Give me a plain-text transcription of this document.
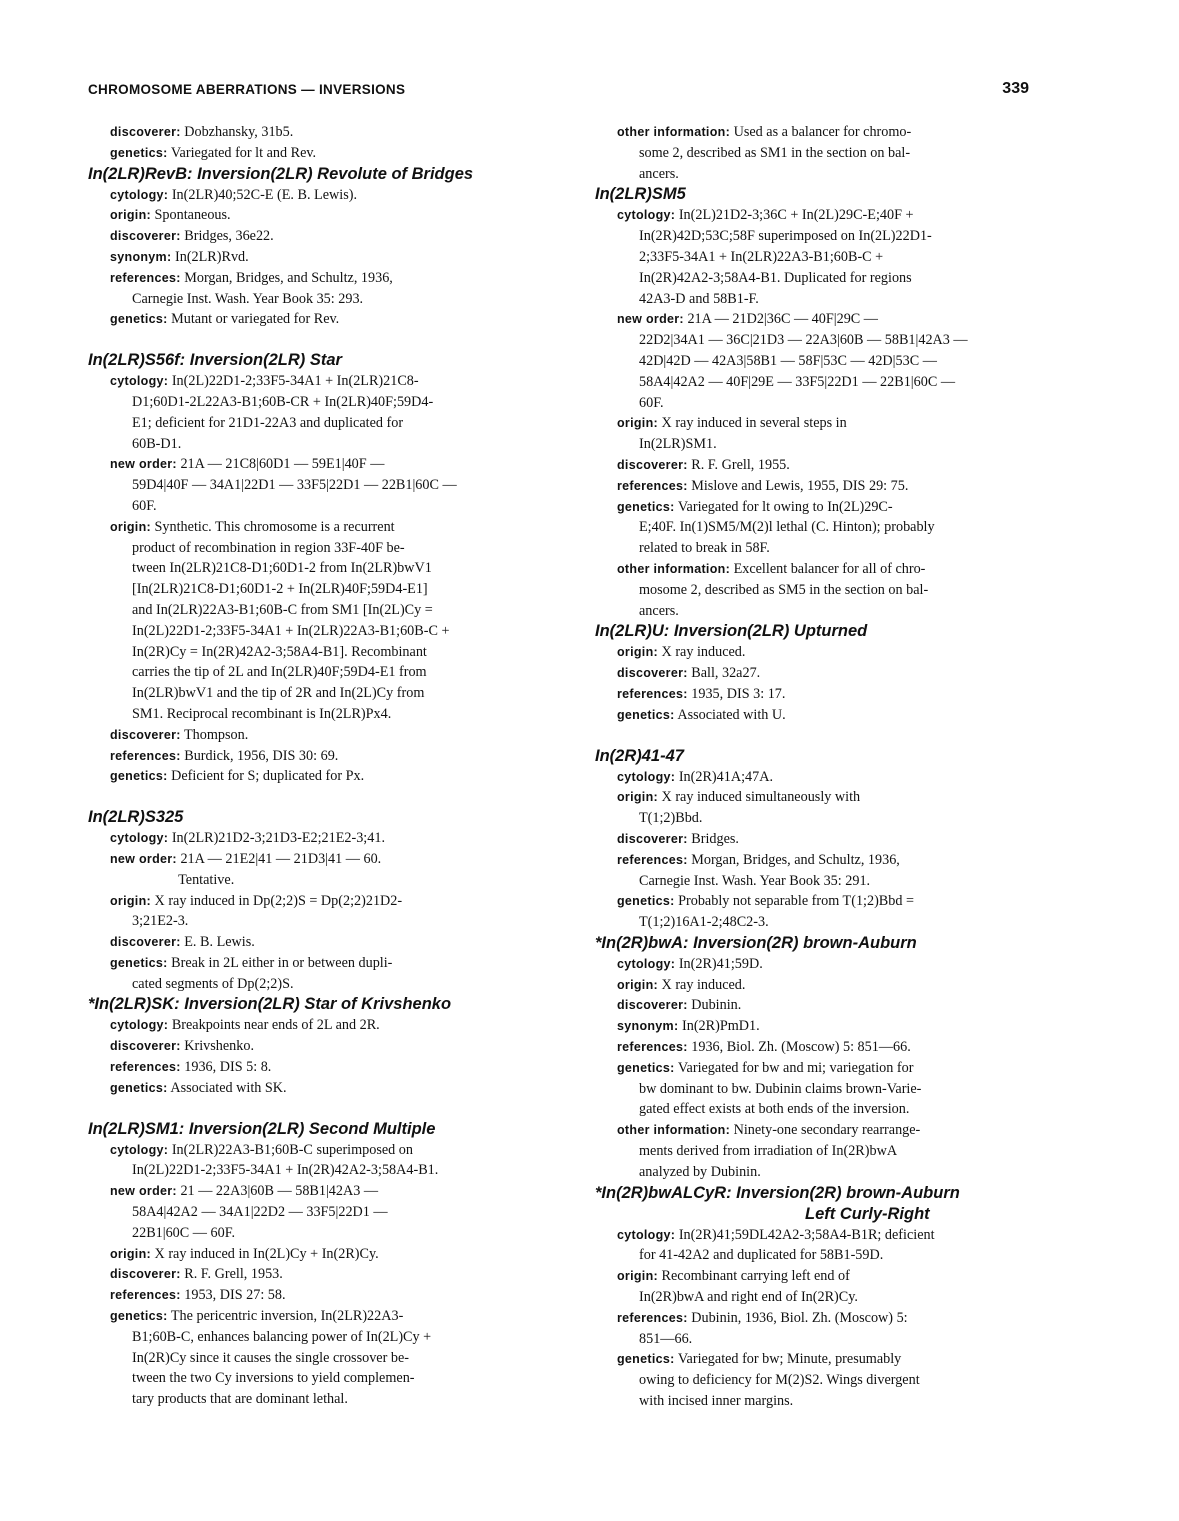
CHROMOSOME ABERRATIONS — INVERSIONS	339
discoverer: Dobzhansky, 31b5.
genetics: Variegated for lt and Rev.
In(2LR)RevB: Inversion(2LR) Revolute of Bridges
cytology: In(2LR)40;52C-E (E. B. Lewis).
origin: Spontaneous.
discoverer: Bridges, 36e22.
synonym: In(2LR)Rvd.
references: Morgan, Bridges, and Schultz, 1936,
Carnegie Inst. Wash. Year Book 35: 293.
genetics: Mutant or variegated for Rev.
In(2LR)S56f: Inversion(2LR) Star
cytology: In(2L)22D1-2;33F5-34A1 + In(2LR)21C8-
D1;60D1-2L22A3-B1;60B-CR + In(2LR)40F;59D4-
E1; deficient for 21D1-22A3 and duplicated for
60B-D1.
new order: 21A — 21C8|60D1 — 59E1|40F —
59D4|40F — 34A1|22D1 — 33F5|22D1 — 22B1|60C —
60F.
origin: Synthetic. This chromosome is a recurrent
product of recombination in region 33F-40F be-
tween In(2LR)21C8-D1;60D1-2 from In(2LR)bwV1
[In(2LR)21C8-D1;60D1-2 + In(2LR)40F;59D4-E1]
and In(2LR)22A3-B1;60B-C from SM1 [In(2L)Cy =
In(2L)22D1-2;33F5-34A1 + In(2LR)22A3-B1;60B-C +
In(2R)Cy = In(2R)42A2-3;58A4-B1]. Recombinant
carries the tip of 2L and In(2LR)40F;59D4-E1 from
In(2LR)bwV1 and the tip of 2R and In(2L)Cy from
SM1. Reciprocal recombinant is In(2LR)Px4.
discoverer: Thompson.
references: Burdick, 1956, DIS 30: 69.
genetics: Deficient for S; duplicated for Px.
In(2LR)S325
cytology: In(2LR)21D2-3;21D3-E2;21E2-3;41.
new order: 21A — 21E2|41 — 21D3|41 — 60.
Tentative.
origin: X ray induced in Dp(2;2)S = Dp(2;2)21D2-
3;21E2-3.
discoverer: E. B. Lewis.
genetics: Break in 2L either in or between dupli-
cated segments of Dp(2;2)S.
*In(2LR)SK: Inversion(2LR) Star of Krivshenko
cytology: Breakpoints near ends of 2L and 2R.
discoverer: Krivshenko.
references: 1936, DIS 5: 8.
genetics: Associated with SK.
In(2LR)SM1: Inversion(2LR) Second Multiple
cytology: In(2LR)22A3-B1;60B-C superimposed on
In(2L)22D1-2;33F5-34A1 + In(2R)42A2-3;58A4-B1.
new order: 21 — 22A3|60B — 58B1|42A3 —
58A4|42A2 — 34A1|22D2 — 33F5|22D1 —
22B1|60C — 60F.
origin: X ray induced in In(2L)Cy + In(2R)Cy.
discoverer: R. F. Grell, 1953.
references: 1953, DIS 27: 58.
genetics: The pericentric inversion, In(2LR)22A3-
B1;60B-C, enhances balancing power of In(2L)Cy +
In(2R)Cy since it causes the single crossover be-
tween the two Cy inversions to yield complemen-
tary products that are dominant lethal.
other information: Used as a balancer for chromo-
some 2, described as SM1 in the section on bal-
ancers.
In(2LR)SM5
cytology: In(2L)21D2-3;36C + In(2L)29C-E;40F +
In(2R)42D;53C;58F superimposed on In(2L)22D1-
2;33F5-34A1 + In(2LR)22A3-B1;60B-C +
In(2R)42A2-3;58A4-B1. Duplicated for regions
42A3-D and 58B1-F.
new order: 21A — 21D2|36C — 40F|29C —
22D2|34A1 — 36C|21D3 — 22A3|60B — 58B1|42A3 —
42D|42D — 42A3|58B1 — 58F|53C — 42D|53C —
58A4|42A2 — 40F|29E — 33F5|22D1 — 22B1|60C —
60F.
origin: X ray induced in several steps in
In(2LR)SM1.
discoverer: R. F. Grell, 1955.
references: Mislove and Lewis, 1955, DIS 29: 75.
genetics: Variegated for lt owing to In(2L)29C-
E;40F. In(1)SM5/M(2)l lethal (C. Hinton); probably
related to break in 58F.
other information: Excellent balancer for all of chro-
mosome 2, described as SM5 in the section on bal-
ancers.
In(2LR)U: Inversion(2LR) Upturned
origin: X ray induced.
discoverer: Ball, 32a27.
references: 1935, DIS 3: 17.
genetics: Associated with U.
In(2R)41-47
cytology: In(2R)41A;47A.
origin: X ray induced simultaneously with
T(1;2)Bbd.
discoverer: Bridges.
references: Morgan, Bridges, and Schultz, 1936,
Carnegie Inst. Wash. Year Book 35: 291.
genetics: Probably not separable from T(1;2)Bbd =
T(1;2)16A1-2;48C2-3.
*In(2R)bwA: Inversion(2R) brown-Auburn
cytology: In(2R)41;59D.
origin: X ray induced.
discoverer: Dubinin.
synonym: In(2R)PmD1.
references: 1936, Biol. Zh. (Moscow) 5: 851—66.
genetics: Variegated for bw and mi; variegation for
bw dominant to bw. Dubinin claims brown-Varie-
gated effect exists at both ends of the inversion.
other information: Ninety-one secondary rearrange-
ments derived from irradiation of In(2R)bwA
analyzed by Dubinin.
*In(2R)bwALCyR: Inversion(2R) brown-Auburn
Left Curly-Right
cytology: In(2R)41;59DL42A2-3;58A4-B1R; deficient
for 41-42A2 and duplicated for 58B1-59D.
origin: Recombinant carrying left end of
In(2R)bwA and right end of In(2R)Cy.
references: Dubinin, 1936, Biol. Zh. (Moscow) 5:
851—66.
genetics: Variegated for bw; Minute, presumably
owing to deficiency for M(2)S2. Wings divergent
with incised inner margins.
